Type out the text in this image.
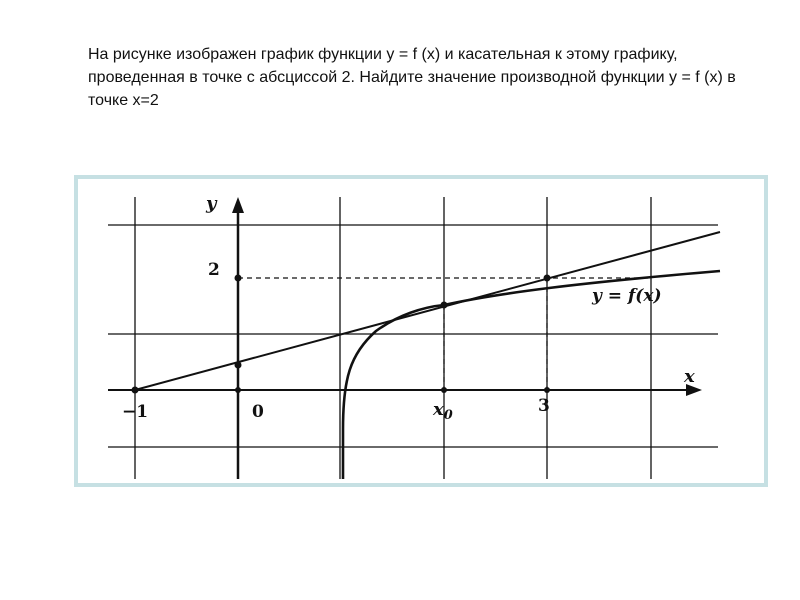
На рисунке изображен график функции y = f (x) и касательная к этому графику, проведенная в точке с абсциссой 2. Найдите значение производной функции y = f (x) в точке x=2
y
x
2
−1	0	$x_0$	3
y = f(x)
